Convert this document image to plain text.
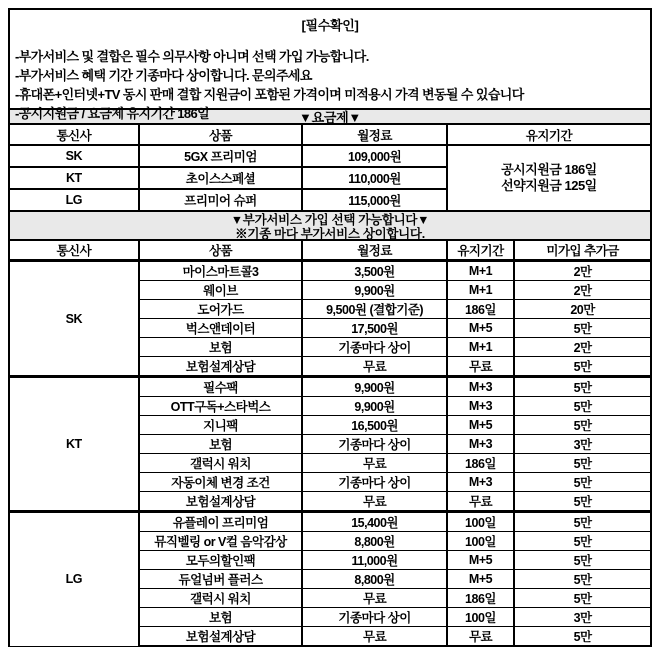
[필수확인]
-부가서비스 및 결합은 필수 의무사항 아니며 선택 가입 가능합니다.
-부가서비스 혜택 기간 기종마다 상이합니다. 문의주세요
-휴대폰+인터넷+TV 동시 판매 결합 지원금이 포함된 가격이며 미적용시 가격 변동될 수 있습니다
-공시지원금 / 요금제 유지기간 186일	▼요금제▼
통신사	상품	월정료	유지기간
SK	5GX 프리미엄	109,000원	공시지원금 186일
선약지원금 125일
KT	초이스스페셜	110,000원	
LG	프리미어 슈퍼	115,000원	
▼부가서비스 가입 선택 가능합니다▼
※기종 마다 부가서비스 상이합니다.
통신사	상품	월정료	유지기간	미가입 추가금
SK	마이스마트콜3	3,500원	M+1	2만
	웨이브	9,900원	M+1	2만
	도어가드	9,500원 (결합기준)	186일	20만
	벅스앤데이터	17,500원	M+5	5만
	보험	기종마다 상이	M+1	2만
	보험설계상담	무료	무료	5만
KT	필수팩	9,900원	M+3	5만
	OTT구독+스타벅스	9,900원	M+3	5만
	지니팩	16,500원	M+5	5만
	보험	기종마다 상이	M+3	3만
	갤럭시 워치	무료	186일	5만
	자동이체 변경 조건	기종마다 상이	M+3	5만
	보험설계상담	무료	무료	5만
LG	유플레이 프리미엄	15,400원	100일	5만
	뮤직벨링 or V컬 음악감상	8,800원	100일	5만
	모두의할인팩	11,000원	M+5	5만
	듀얼넘버 플러스	8,800원	M+5	5만
	갤럭시 워치	무료	186일	5만
	보험	기종마다 상이	100일	3만
	보험설계상담	무료	무료	5만
